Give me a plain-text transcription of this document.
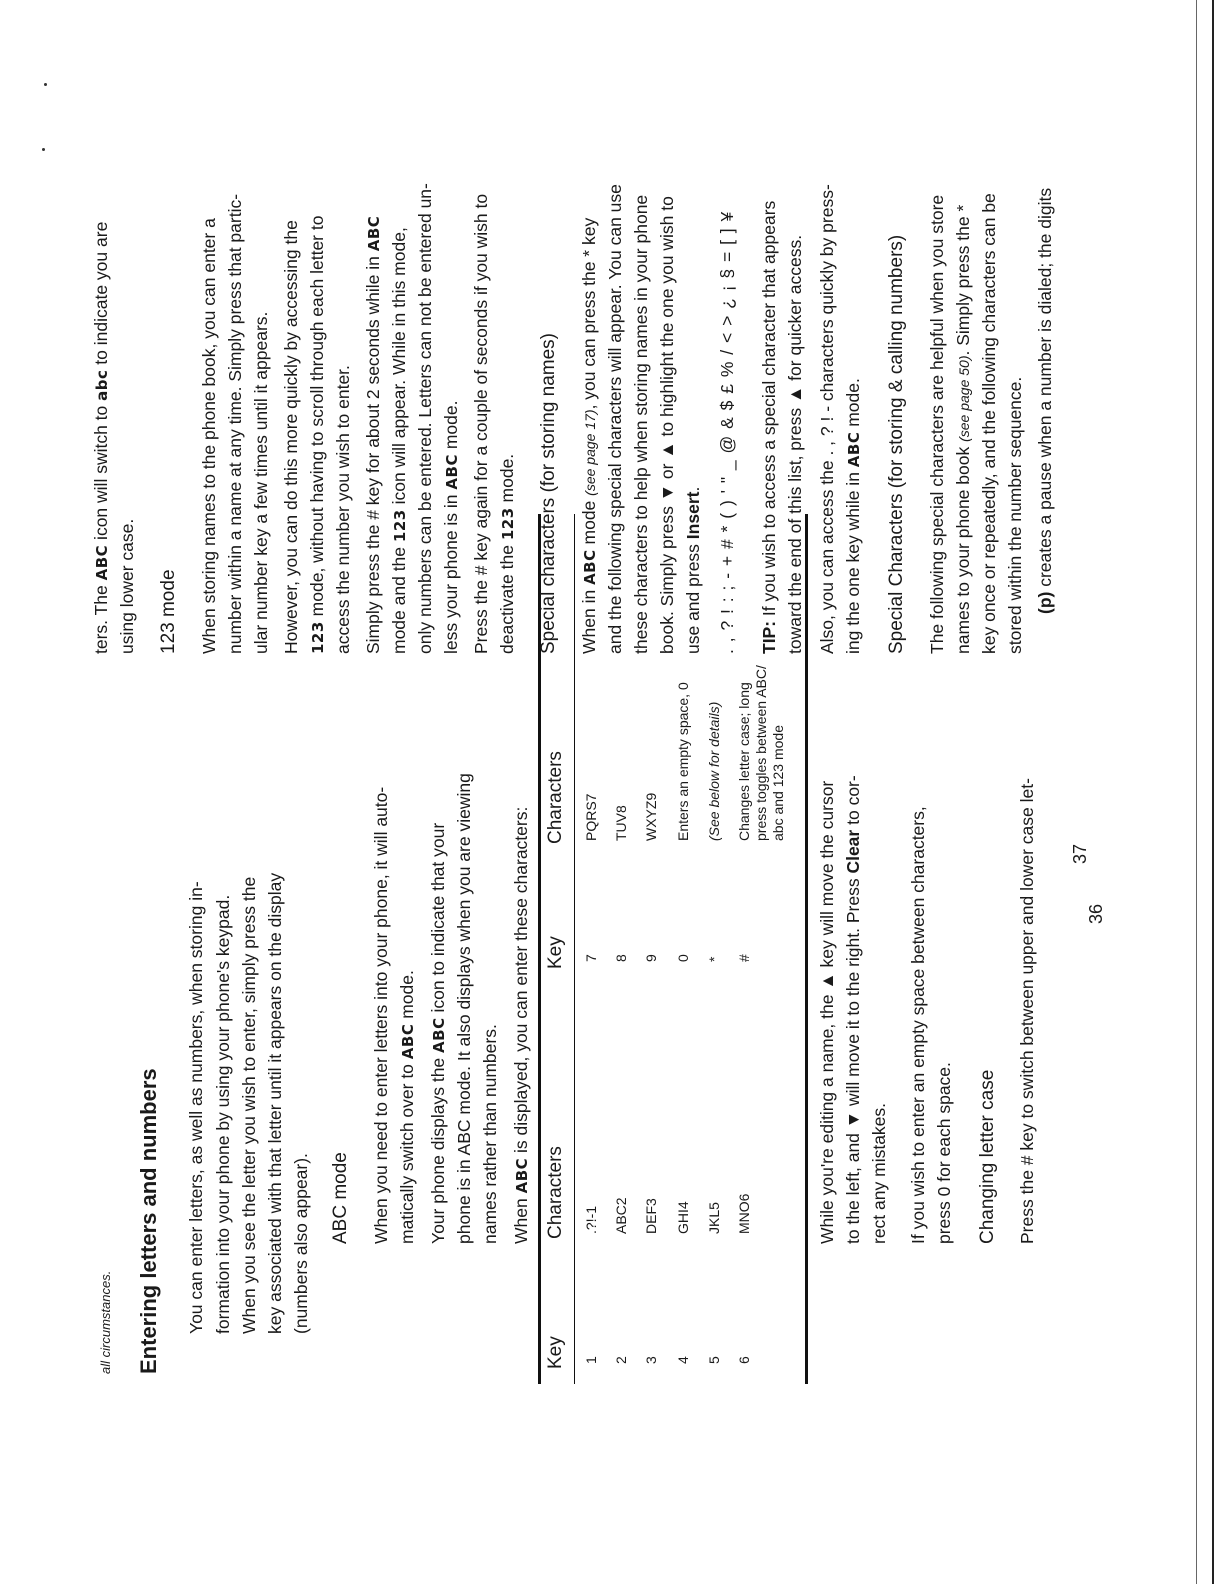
all circumstances. Entering letters and numbers You can enter letters, as well as numbers, when storing in- formation into your phone by using your phone's keypad. When you see the letter you wish to enter, simply press the key associated with that letter until it appears on the display (numbers also appear). ABC mode When you need to enter letters into your phone, it will auto- matically switch over to ABC mode.
Your phone displays the ABC icon to indicate that your phone is in ABC mode. It also displays when you are viewing names rather than numbers. When ABC is displayed, you can enter these characters:
Key
Characters
Key
Characters
1
.?!-1
7
PQRS7
2
ABC2
8
TUV8
3
DEF3
9
WXYZ9
4
GHI4
0
Enters an empty space, 0
5
JKL5
*
(See below for details)
6
MNO6
#
Changes letter case; long press toggles between ABC/ abc and 123 mode
While you're editing a name, the ▲ key will move the cursor
to the left, and ▼ will move it to the right. Press Clear to cor-
rect any mistakes. If you wish to enter an empty space between characters, press 0 for each space. Changing letter case Press the # key to switch between upper and lower case let-	36
ters. The ABC icon will switch to abc to indicate you are
using lower case. 123 mode When storing names to the phone book, you can enter a number within a name at any time. Simply press that partic- ular number key a few times until it appears. However, you can do this more quickly by accessing the 123 mode, without having to scroll through each letter to access the number you wish to enter. Simply press the # key for about 2 seconds while in ABC
mode and the 123 icon will appear. While in this mode, only numbers can be entered. Letters can not be entered un- less your phone is in ABC mode. Press the # key again for a couple of seconds if you wish to deactivate the 123 mode. Special characters (for storing names) When in ABC mode (see page 17), you can press the * key and the following special characters will appear. You can use these characters to help when storing names in your phone book. Simply press ▼ or ▲ to highlight the one you wish to
use and press Insert. . , ? ! : ; - + # * ( ) ' " _ @ & $ £ % / < > ¿ ¡ § = [ ] ¥ TIP: If you wish to access a special character that appears toward the end of this list, press ▲ for quicker access. Also, you can access the . , ? ! - characters quickly by press- ing the one key while in ABC mode. Special Characters (for storing & calling numbers) The following special characters are helpful when you store names to your phone book (see page 50). Simply press the * key once or repeatedly, and the following characters can be stored within the number sequence. (p) creates a pause when a number is dialed; the digits
37
